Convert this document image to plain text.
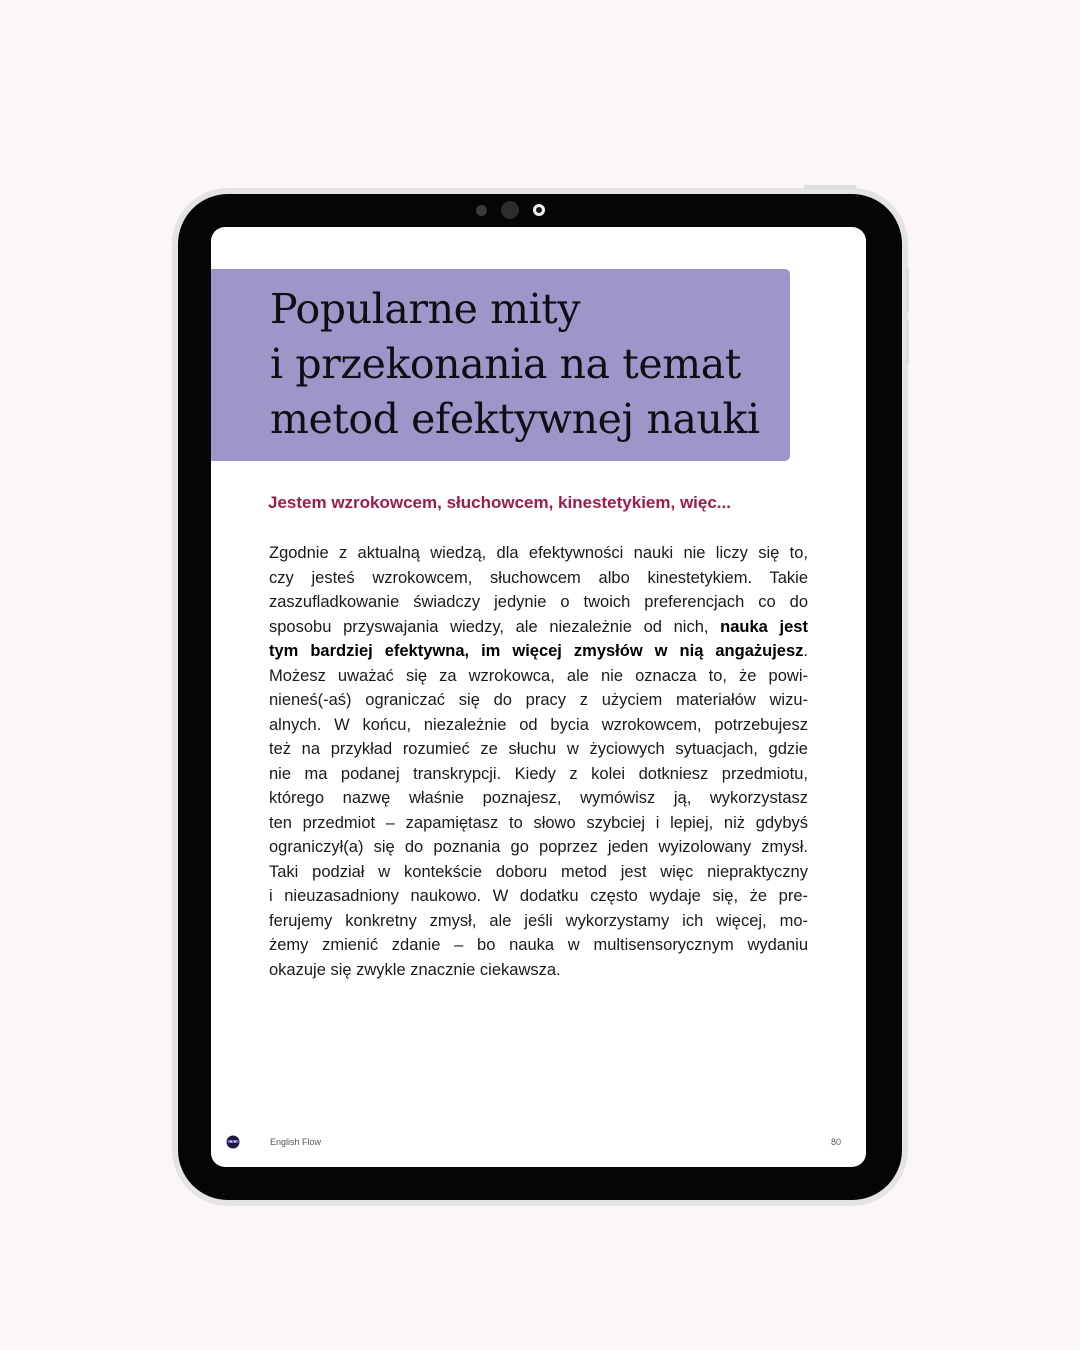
Popularne mity
i przekonania na temat
metod efektywnej nauki
Jestem wzrokowcem, słuchowcem, kinestetykiem, więc...
Zgodnie z aktualną wiedzą, dla efektywności nauki nie liczy się to,
czy jesteś wzrokowcem, słuchowcem albo kinestetykiem. Takie
zaszufladkowanie świadczy jedynie o twoich preferencjach co do
sposobu przyswajania wiedzy, ale niezależnie od nich, nauka jest
tym bardziej efektywna, im więcej zmysłów w nią angażujesz.
Możesz uważać się za wzrokowca, ale nie oznacza to, że powi-
nieneś(-aś) ograniczać się do pracy z użyciem materiałów wizu-
alnych. W końcu, niezależnie od bycia wzrokowcem, potrzebujesz
też na przykład rozumieć ze słuchu w życiowych sytuacjach, gdzie
nie ma podanej transkrypcji. Kiedy z kolei dotkniesz przedmiotu,
którego nazwę właśnie poznajesz, wymówisz ją, wykorzystasz
ten przedmiot – zapamiętasz to słowo szybciej i lepiej, niż gdybyś
ograniczył(a) się do poznania go poprzez jeden wyizolowany zmysł.
Taki podział w kontekście doboru metod jest więc niepraktyczny
i nieuzasadniony naukowo. W dodatku często wydaje się, że pre-
ferujemy konkretny zmysł, ale jeśli wykorzystamy ich więcej, mo-
żemy zmienić zdanie – bo nauka w multisensorycznym wydaniu
okazuje się zwykle znacznie ciekawsza.
English Flow	80
